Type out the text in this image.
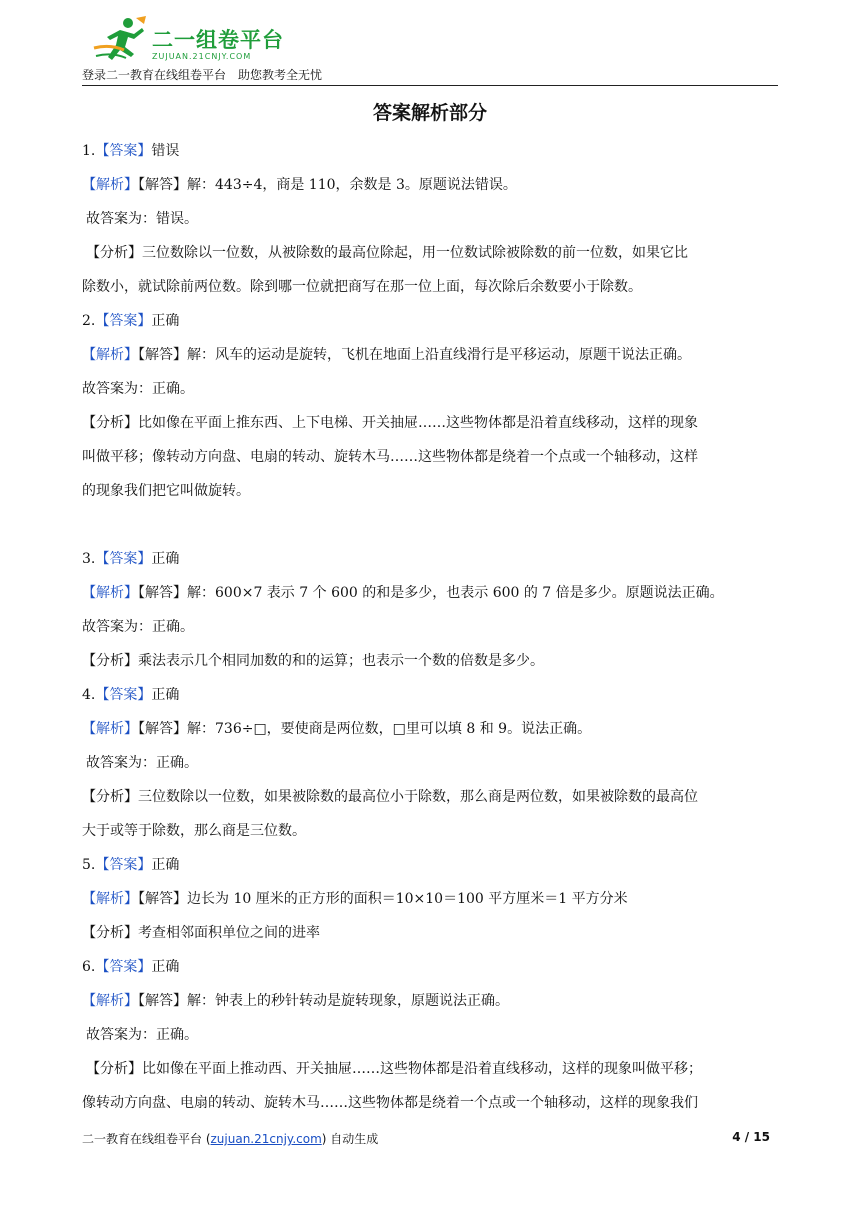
二一组卷平台
ZUJUAN.21CNJY.COM
登录二一教育在线组卷平台　助您教考全无忧
答案解析部分
1.【答案】错误
【解析】【解答】解：443÷4，商是 110，余数是 3。原题说法错误。
故答案为：错误。
【分析】三位数除以一位数，从被除数的最高位除起，用一位数试除被除数的前一位数，如果它比
除数小，就试除前两位数。除到哪一位就把商写在那一位上面，每次除后余数要小于除数。
2.【答案】正确
【解析】【解答】解：风车的运动是旋转，飞机在地面上沿直线滑行是平移运动，原题干说法正确。
故答案为：正确。
【分析】比如像在平面上推东西、上下电梯、开关抽屉……这些物体都是沿着直线移动，这样的现象
叫做平移；像转动方向盘、电扇的转动、旋转木马……这些物体都是绕着一个点或一个轴移动，这样
的现象我们把它叫做旋转。
3.【答案】正确
【解析】【解答】解：600×7 表示 7 个 600 的和是多少，也表示 600 的 7 倍是多少。原题说法正确。
故答案为：正确。
【分析】乘法表示几个相同加数的和的运算；也表示一个数的倍数是多少。
4.【答案】正确
【解析】【解答】解：736÷□，要使商是两位数，□里可以填 8 和 9。说法正确。
故答案为：正确。
【分析】三位数除以一位数，如果被除数的最高位小于除数，那么商是两位数，如果被除数的最高位
大于或等于除数，那么商是三位数。
5.【答案】正确
【解析】【解答】边长为 10 厘米的正方形的面积＝10×10＝100 平方厘米＝1 平方分米
【分析】考查相邻面积单位之间的进率
6.【答案】正确
【解析】【解答】解：钟表上的秒针转动是旋转现象，原题说法正确。
故答案为：正确。
【分析】比如像在平面上推动西、开关抽屉……这些物体都是沿着直线移动，这样的现象叫做平移；
像转动方向盘、电扇的转动、旋转木马……这些物体都是绕着一个点或一个轴移动，这样的现象我们
二一教育在线组卷平台 (zujuan.21cnjy.com) 自动生成	4 / 15
